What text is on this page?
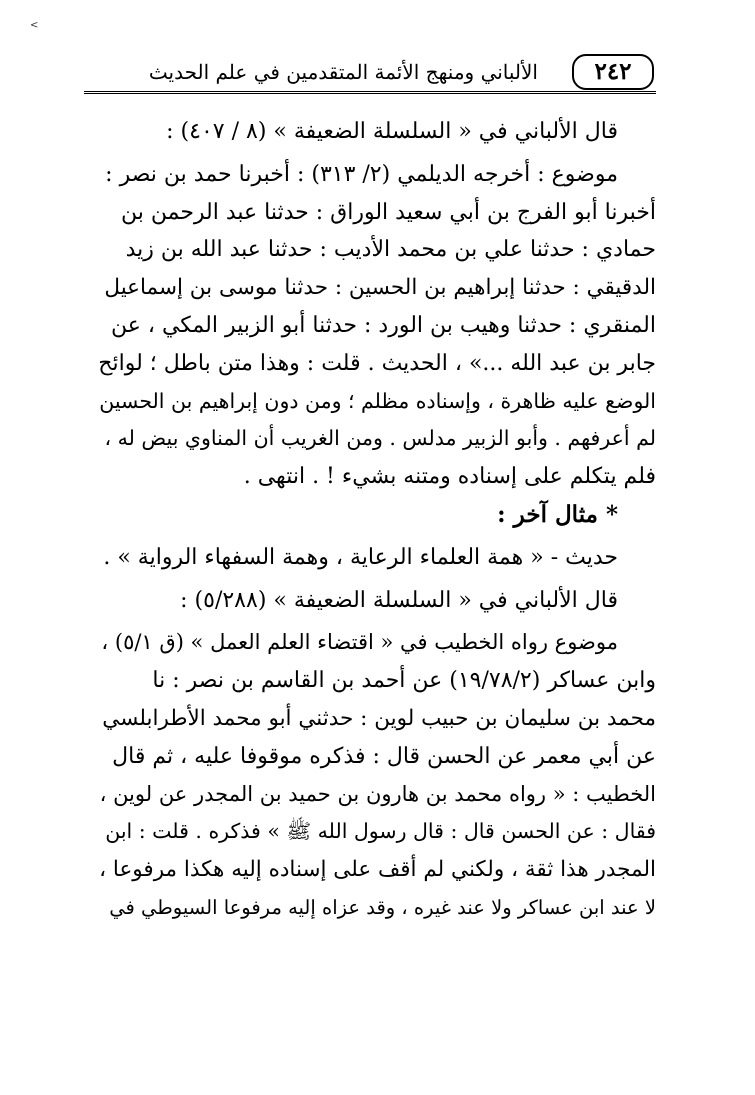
<
٢٤٢
الألباني ومنهج الأئمة المتقدمين في علم الحديث

قال الألباني في « السلسلة الضعيفة » (٨ / ٤٠٧) :

موضوع : أخرجه الديلمي (٢/ ٣١٣) : أخبرنا حمد بن نصر :

أخبرنا أبو الفرج بن أبي سعيد الوراق : حدثنا عبد الرحمن بن

حمادي : حدثنا علي بن محمد الأديب : حدثنا عبد الله بن زيد

الدقيقي : حدثنا إبراهيم بن الحسين : حدثنا موسى بن إسماعيل

المنقري : حدثنا وهيب بن الورد : حدثنا أبو الزبير المكي ، عن

جابر بن عبد الله ...» ، الحديث . قلت : وهذا متن باطل ؛ لوائح

الوضع عليه ظاهرة ، وإسناده مظلم ؛ ومن دون إبراهيم بن الحسين

لم أعرفهم . وأبو الزبير مدلس . ومن الغريب أن المناوي بيض له ،

فلم يتكلم على إسناده ومتنه بشيء ! . انتهى .

* مثال آخر :

حديث - « همة العلماء الرعاية ، وهمة السفهاء الرواية » .

قال الألباني في « السلسلة الضعيفة » (٥/٢٨٨) :

موضوع رواه الخطيب في « اقتضاء العلم العمل » (ق ٥/١) ،

وابن عساكر (١٩/٧٨/٢) عن أحمد بن القاسم بن نصر : نا

محمد بن سليمان بن حبيب لوين : حدثني أبو محمد الأطرابلسي

عن أبي معمر عن الحسن قال : فذكره موقوفا عليه ، ثم قال

الخطيب : « رواه محمد بن هارون بن حميد بن المجدر عن لوين ،

فقال : عن الحسن قال : قال رسول الله ﷺ » فذكره . قلت : ابن

المجدر هذا ثقة ، ولكني لم أقف على إسناده إليه هكذا مرفوعا ،

لا عند ابن عساكر ولا عند غيره ، وقد عزاه إليه مرفوعا السيوطي في
